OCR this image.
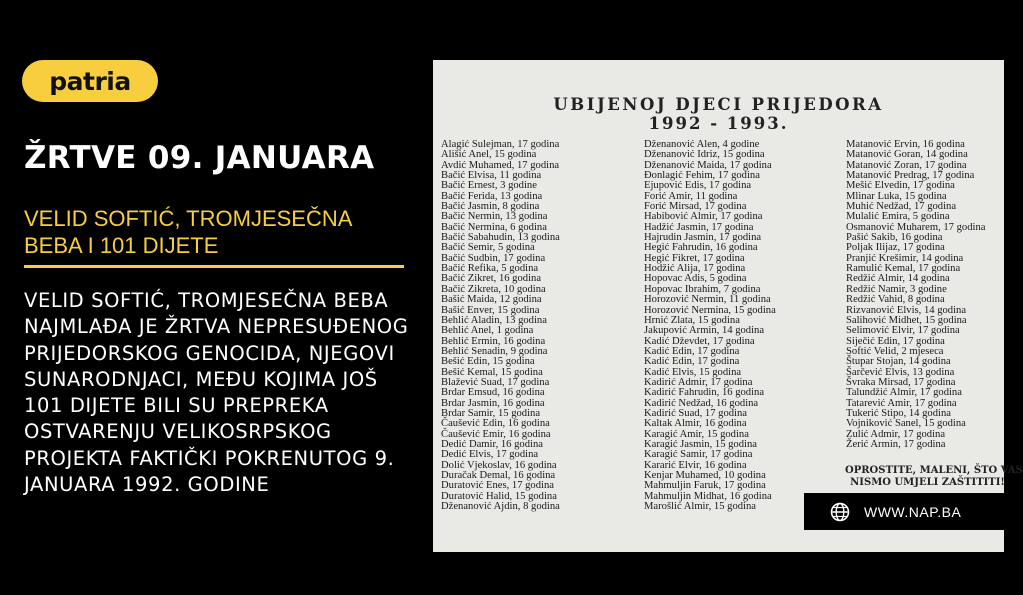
patria
ŽRTVE 09. JANUARA
VELID SOFTIĆ, TROMJESEČNA BEBA I 101 DIJETE
VELID SOFTIĆ, TROMJESEČNA BEBA NAJMLAĐA JE ŽRTVA NEPRESUĐENOG PRIJEDORSKOG GENOCIDA, NJEGOVI SUNARODNJACI, MEĐU KOJIMA JOŠ 101 DIJETE BILI SU PREPREKA OSTVARENJU VELIKOSRPSKOG PROJEKTA FAKTIČKI POKRENUTOG 9. JANUARA 1992. GODINE
UBIJENOJ DJECI PRIJEDORA
1992 - 1993.
Alagić Sulejman, 17 godina
Ališić Anel, 15 godina
Avdić Muhamed, 17 godina
Bačić Elvisa, 11 godina
Bačić Ernest, 3 godine
Bačić Ferida, 13 godina
Bačić Jasmin, 8 godina
Bačić Nermin, 13 godina
Bačić Nermina, 6 godina
Bačić Sabahudin, 13 godina
Bačić Semir, 5 godina
Bačić Sudbin, 17 godina
Bačić Refika, 5 godina
Bačić Zikret, 16 godina
Bačić Zikreta, 10 godina
Bašić Maida, 12 godina
Bašić Enver, 15 godina
Behlić Aladin, 13 godina
Behlić Anel, 1 godina
Behlić Ermin, 16 godina
Behlić Senadin, 9 godina
Bešić Edin, 15 godina
Bešić Kemal, 15 godina
Blažević Suad, 17 godina
Brdar Emsud, 16 godina
Brdar Jasmin, 16 godina
Brdar Samir, 15 godina
Čaušević Edin, 16 godina
Čaušević Emir, 16 godina
Dedić Damir, 16 godina
Dedić Elvis, 17 godina
Dolić Vjekoslav, 16 godina
Duračak Demal, 16 godina
Duratović Enes, 17 godina
Duratović Halid, 15 godina
Dženanović Ajdin, 8 godina
Dženanović Alen, 4 godine
Dženanović Idriz, 15 godina
Dženanović Maida, 17 godina
Đonlagić Fehim, 17 godina
Ejupović Edis, 17 godina
Forić Amir, 11 godina
Forić Mirsad, 17 godina
Habibović Almir, 17 godina
Hadžić Jasmin, 17 godina
Hajrudin Jasmin, 17 godina
Hegić Fahrudin, 16 godina
Hegić Fikret, 17 godina
Hodžić Alija, 17 godina
Hopovac Adis, 5 godina
Hopovac Ibrahim, 7 godina
Horozović Nermin, 11 godina
Horozović Nermina, 15 godina
Hrnić Zlata, 15 godina
Jakupović Armin, 14 godina
Kadić Dževdet, 17 godina
Kadić Edin, 17 godina
Kadić Edin, 17 godina
Kadić Elvis, 15 godina
Kadirić Admir, 17 godina
Kadirić Fahrudin, 16 godina
Kadirić Nedžad, 16 godina
Kadirić Suad, 17 godina
Kaltak Almir, 16 godina
Karagić Amir, 15 godina
Karagić Jasmin, 15 godina
Karagić Samir, 17 godina
Kararić Elvir, 16 godina
Kenjar Muhamed, 10 godina
Mahmuljin Faruk, 17 godina
Mahmuljin Midhat, 16 godina
Marošlić Almir, 15 godina
Matanović Ervin, 16 godina
Matanović Goran, 14 godina
Matanović Zoran, 17 godina
Matanović Predrag, 17 godina
Mešić Elvedin, 17 godina
Mlinar Luka, 15 godina
Muhić Nedžad, 17 godina
Mulalić Emira, 5 godina
Osmanović Muharem, 17 godina
Pašić Sakib, 16 godina
Poljak Ilijaz, 17 godina
Pranjić Krešimir, 14 godina
Ramulić Kemal, 17 godina
Redžić Almir, 14 godina
Redžić Namir, 3 godine
Redžić Vahid, 8 godina
Rizvanović Elvis, 14 godina
Salihović Midhet, 15 godina
Selimović Elvir, 17 godina
Siječić Edin, 17 godina
Softić Velid, 2 mjeseca
Štupar Stojan, 14 godina
Šarčević Elvis, 13 godina
Švraka Mirsad, 17 godina
Talundžić Almir, 17 godina
Tatarević Amir, 17 godina
Tukerić Stipo, 14 godina
Vojniković Sanel, 15 godina
Zulić Admir, 17 godina
Žerić Armin, 17 godina
OPROSTITE, MALENI, ŠTO VAS
NISMO UMJELI ZAŠTITITI!
WWW.NAP.BA
